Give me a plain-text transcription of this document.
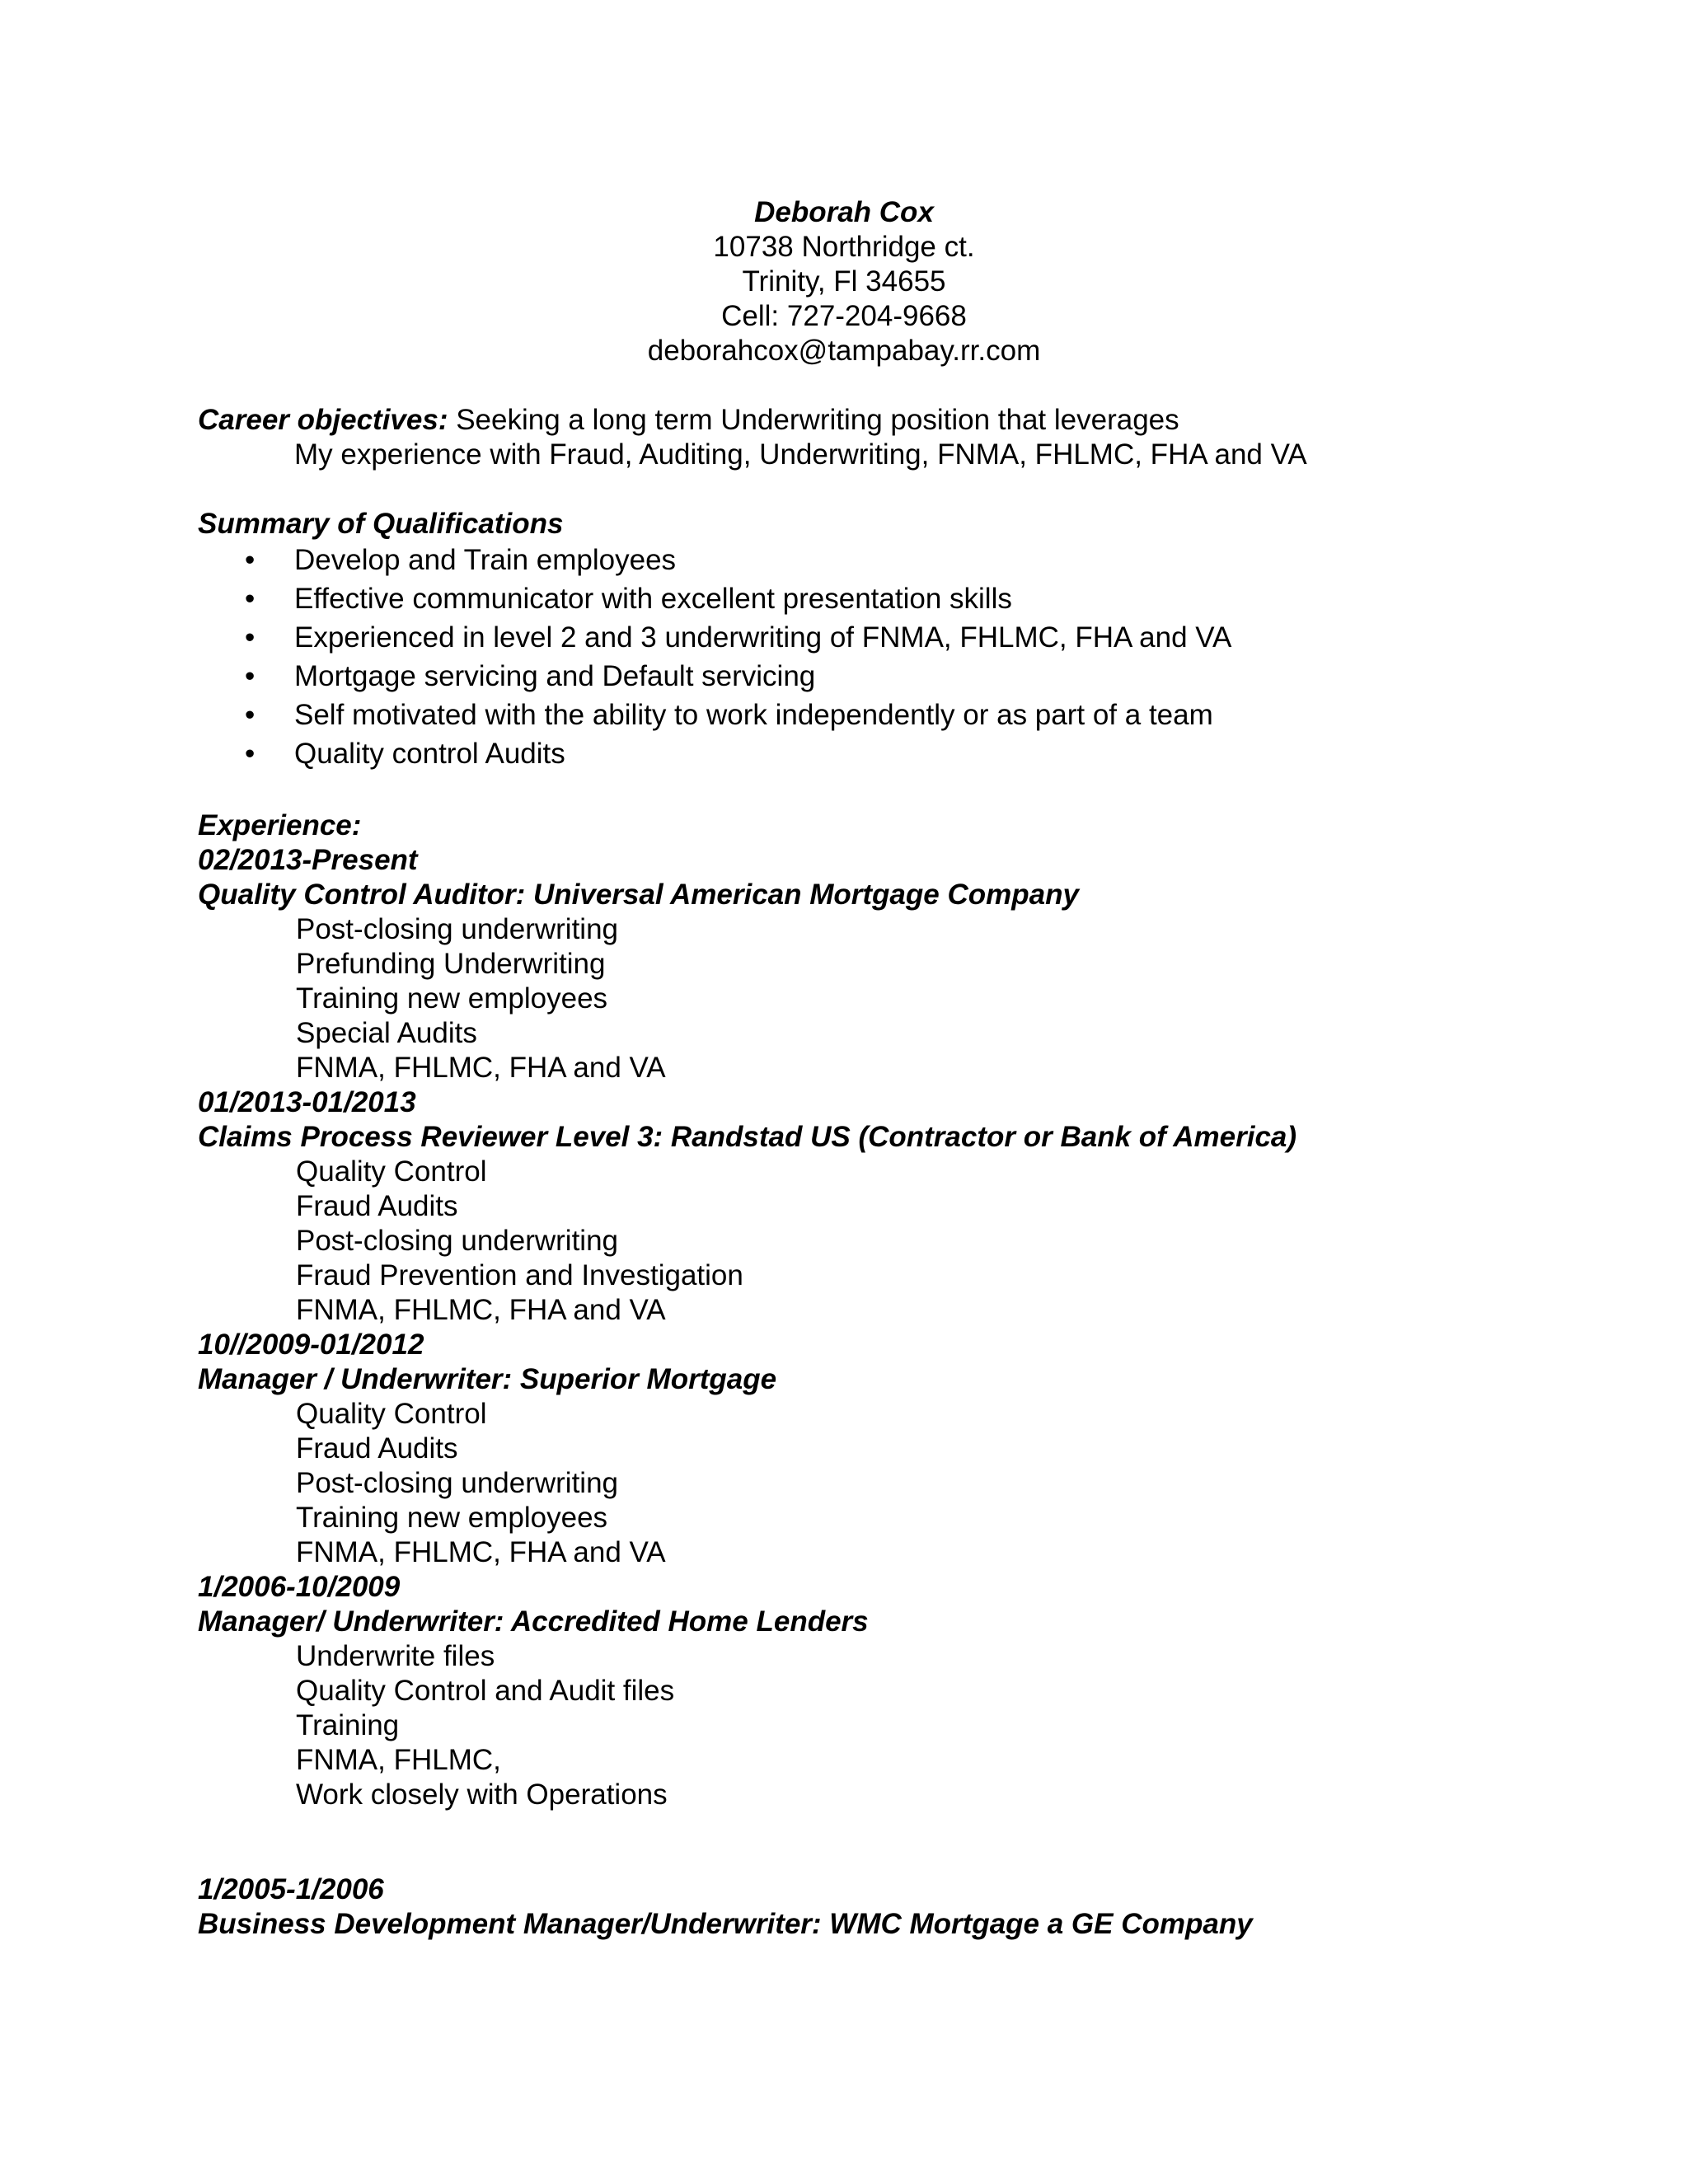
Deborah Cox
10738 Northridge ct.
Trinity, Fl 34655
Cell: 727-204-9668
deborahcox@tampabay.rr.com
Career objectives: Seeking a long term Underwriting position that leverages
My experience with Fraud, Auditing, Underwriting, FNMA, FHLMC, FHA and VA
Summary of Qualifications
• Develop and Train employees
• Effective communicator with excellent presentation skills
• Experienced in level 2 and 3 underwriting of FNMA, FHLMC, FHA and VA
• Mortgage servicing and Default servicing
• Self motivated with the ability to work independently or as part of a team
• Quality control Audits
Experience:
02/2013-Present
Quality Control Auditor: Universal American Mortgage Company
Post-closing underwriting
Prefunding Underwriting
Training new employees
Special Audits
FNMA, FHLMC, FHA and VA
01/2013-01/2013
Claims Process Reviewer Level 3: Randstad US (Contractor or Bank of America)
Quality Control
Fraud Audits
Post-closing underwriting
Fraud Prevention and Investigation
FNMA, FHLMC, FHA and VA
10//2009-01/2012
Manager / Underwriter: Superior Mortgage
Quality Control
Fraud Audits
Post-closing underwriting
Training new employees
FNMA, FHLMC, FHA and VA
1/2006-10/2009
Manager/ Underwriter: Accredited Home Lenders
Underwrite files
Quality Control and Audit files
Training
FNMA, FHLMC,
Work closely with Operations
1/2005-1/2006
Business Development Manager/Underwriter: WMC Mortgage a GE Company
